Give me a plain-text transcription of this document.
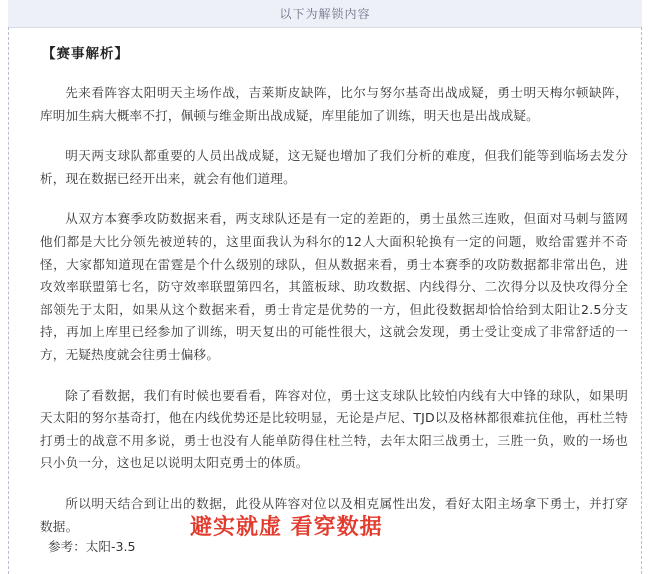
以下为解锁内容
【赛事解析】

先来看阵容太阳明天主场作战，吉莱斯皮缺阵，比尔与努尔基奇出战成疑，勇士明天梅尔顿缺阵，库明加生病大概率不打，佩顿与维金斯出战成疑，库里能加了训练，明天也是出战成疑。

明天两支球队都重要的人员出战成疑，这无疑也增加了我们分析的难度，但我们能等到临场去发分析，现在数据已经开出来，就会有他们道理。

从双方本赛季攻防数据来看，两支球队还是有一定的差距的，勇士虽然三连败，但面对马刺与篮网他们都是大比分领先被逆转的，这里面我认为科尔的12人大面积轮换有一定的问题，败给雷霆并不奇怪，大家都知道现在雷霆是个什么级别的球队，但从数据来看，勇士本赛季的攻防数据都非常出色，进攻效率联盟第七名，防守效率联盟第四名，其篮板球、助攻数据、内线得分、二次得分以及快攻得分全部领先于太阳，如果从这个数据来看，勇士肯定是优势的一方，但此役数据却恰恰给到太阳让2.5分支持，再加上库里已经参加了训练，明天复出的可能性很大，这就会发现，勇士受让变成了非常舒适的一方，无疑热度就会往勇士偏移。

除了看数据，我们有时候也要看看，阵容对位，勇士这支球队比较怕内线有大中锋的球队，如果明天太阳的努尔基奇打，他在内线优势还是比较明显，无论是卢尼、TJD以及格林都很难抗住他，再杜兰特打勇士的战意不用多说，勇士也没有人能单防得住杜兰特，去年太阳三战勇士，三胜一负，败的一场也只小负一分，这也足以说明太阳克勇士的体质。

所以明天结合到让出的数据，此役从阵容对位以及相克属性出发，看好太阳主场拿下勇士，并打穿数据。	避实就虚 看穿数据
参考：太阳-3.5
